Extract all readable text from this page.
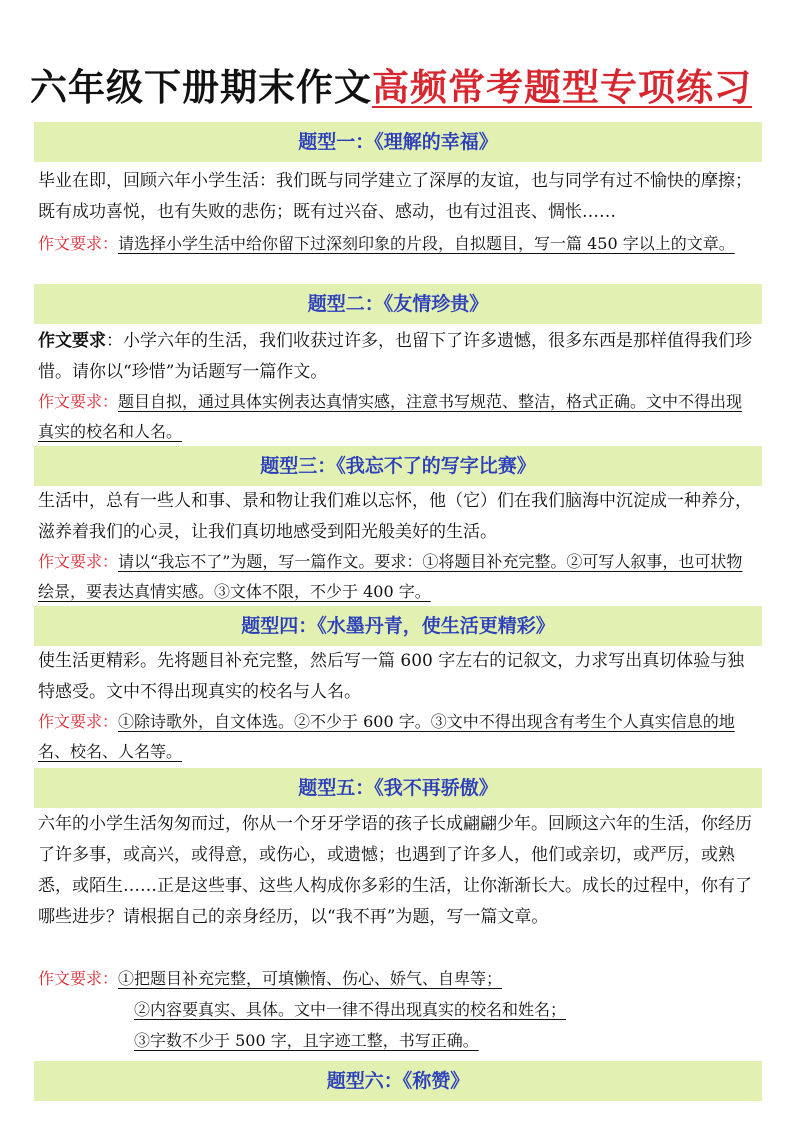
六年级下册期末作文高频常考题型专项练习
题型一：《理解的幸福》
毕业在即，回顾六年小学生活：我们既与同学建立了深厚的友谊，也与同学有过不愉快的摩擦；既有成功喜悦，也有失败的悲伤；既有过兴奋、感动，也有过沮丧、惆怅……
作文要求：请选择小学生活中给你留下过深刻印象的片段，自拟题目，写一篇 450 字以上的文章。
题型二：《友情珍贵》
作文要求：小学六年的生活，我们收获过许多，也留下了许多遗憾，很多东西是那样值得我们珍惜。请你以“珍惜”为话题写一篇作文。
作文要求：题目自拟，通过具体实例表达真情实感，注意书写规范、整洁，格式正确。文中不得出现真实的校名和人名。
题型三：《我忘不了的写字比赛》
生活中，总有一些人和事、景和物让我们难以忘怀，他（它）们在我们脑海中沉淀成一种养分，滋养着我们的心灵，让我们真切地感受到阳光般美好的生活。
作文要求：请以“我忘不了”为题，写一篇作文。要求：①将题目补充完整。②可写人叙事，也可状物绘景，要表达真情实感。③文体不限，不少于 400 字。
题型四：《水墨丹青，使生活更精彩》
使生活更精彩。先将题目补充完整，然后写一篇 600 字左右的记叙文，力求写出真切体验与独特感受。文中不得出现真实的校名与人名。
作文要求：①除诗歌外，自文体选。②不少于 600 字。③文中不得出现含有考生个人真实信息的地名、校名、人名等。
题型五：《我不再骄傲》
六年的小学生活匆匆而过，你从一个牙牙学语的孩子长成翩翩少年。回顾这六年的生活，你经历了许多事，或高兴，或得意，或伤心，或遗憾；也遇到了许多人，他们或亲切，或严厉，或熟悉，或陌生……正是这些事、这些人构成你多彩的生活，让你渐渐长大。成长的过程中，你有了哪些进步？请根据自己的亲身经历，以“我不再”为题，写一篇文章。
作文要求：①把题目补充完整，可填懒惰、伤心、娇气、自卑等；
②内容要真实、具体。文中一律不得出现真实的校名和姓名；
③字数不少于 500 字，且字迹工整，书写正确。
题型六：《称赞》
